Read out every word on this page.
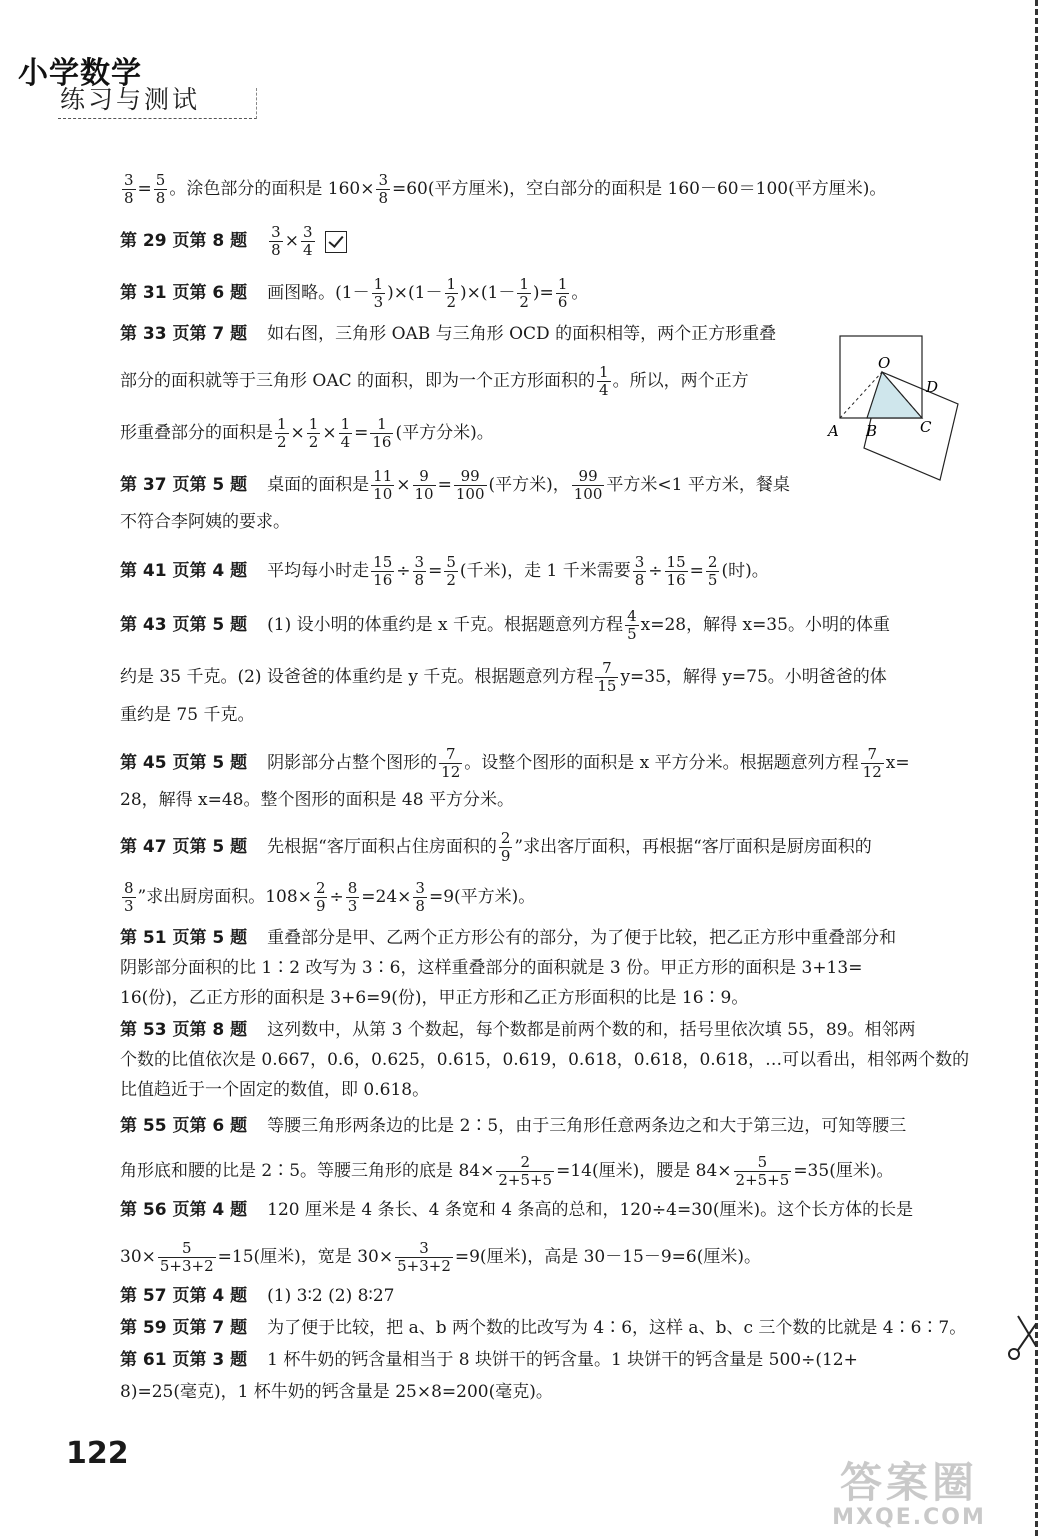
小学数学

练习与测试

$\frac{3}{8} = \frac{5}{8}$ 。涂色部分的面积是 $160\times \frac{3}{8} =60$(平方厘米)，空白部分的面积是 160－60＝100(平方厘米)。
第 29 页第 8 题 $\frac{3}{8} \times \frac{3}{4}$
第 31 页第 6 题 画图略。$(1- \frac{1}{3} )\times(1- \frac{1}{2} )\times(1- \frac{1}{2}$ )= $\frac{1}{6}$ 。
第 33 页第 7 题 如右图，三角形 OAB 与三角形 OCD 的面积相等，两个正方形重叠
部分的面积就等于三角形 OAC 的面积，即为一个正方形面积的 $\frac{1}{4}$ 。所以，两个正方
形重叠部分的面积是 $\frac{1}{2} \times \frac{1}{2} \times \frac{1}{4} = \frac{1}{16}$ (平方分米)。
第 37 页第 5 题 桌面的面积是 $\frac{11}{10} \times \frac{9}{10} = \frac{99}{100}$ (平方米)， $\frac{99}{100}$ 平方米<1 平方米，餐桌
不符合李阿姨的要求。
第 41 页第 4 题 平均每小时走 $\frac{15}{16} \div \frac{3}{8} = \frac{5}{2}$ (千米)，走 1 千米需要 $\frac{3}{8} \div \frac{15}{16} = \frac{2}{5}$ (时)。
第 43 页第 5 题 (1) 设小明的体重约是 x 千克。根据题意列方程 $\frac{4}{5} x=28$，解得 x=35。小明的体重
约是 35 千克。(2) 设爸爸的体重约是 y 千克。根据题意列方程 $\frac{7}{15} y=35$，解得 y=75。小明爸爸的体
重约是 75 千克。
第 45 页第 5 题 阴影部分占整个图形的 $\frac{7}{12}$ 。设整个图形的面积是 x 平方分米。根据题意列方程 $\frac{7}{12} x=$
28，解得 x=48。整个图形的面积是 48 平方分米。
第 47 页第 5 题 先根据“客厅面积占住房面积的 $\frac{2}{9}$ ”求出客厅面积，再根据“客厅面积是厨房面积的
$\frac{8}{3}$ ”求出厨房面积。$108\times \frac{2}{9} \div \frac{8}{3} =24\times \frac{3}{8} =9$(平方米)。
第 51 页第 5 题 重叠部分是甲、乙两个正方形公有的部分，为了便于比较，把乙正方形中重叠部分和
阴影部分面积的比 1∶2 改写为 3∶6，这样重叠部分的面积就是 3 份。甲正方形的面积是 3+13=
16(份)，乙正方形的面积是 3+6=9(份)，甲正方形和乙正方形面积的比是 16∶9。
第 53 页第 8 题 这列数中，从第 3 个数起，每个数都是前两个数的和，括号里依次填 55，89。相邻两
个数的比值依次是 0.667，0.6，0.625，0.615，0.619，0.618，0.618，0.618，…可以看出，相邻两个数的
比值趋近于一个固定的数值，即 0.618。
第 55 页第 6 题 等腰三角形两条边的比是 2∶5，由于三角形任意两条边之和大于第三边，可知等腰三
角形底和腰的比是 2∶5。等腰三角形的底是 $84\times \frac{2}{2+5+5} =14$(厘米)，腰是 $84\times \frac{5}{2+5+5} =35$(厘米)。
第 56 页第 4 题 120 厘米是 4 条长、4 条宽和 4 条高的总和，120÷4=30(厘米)。这个长方体的长是
$30\times \frac{5}{5+3+2} =15$(厘米)，宽是 $30\times \frac{3}{5+3+2} =9$(厘米)，高是 30－15－9=6(厘米)。
第 57 页第 4 题 (1) 3∶2 (2) 8∶27
第 59 页第 7 题 为了便于比较，把 a、b 两个数的比改写为 4∶6，这样 a、b、c 三个数的比就是 4∶6∶7。
第 61 页第 3 题 1 杯牛奶的钙含量相当于 8 块饼干的钙含量。1 块饼干的钙含量是 500÷(12+
8)=25(毫克)，1 杯牛奶的钙含量是 25×8=200(毫克)。
O
A B	C
D

122

答案圈
MXQE.COM
